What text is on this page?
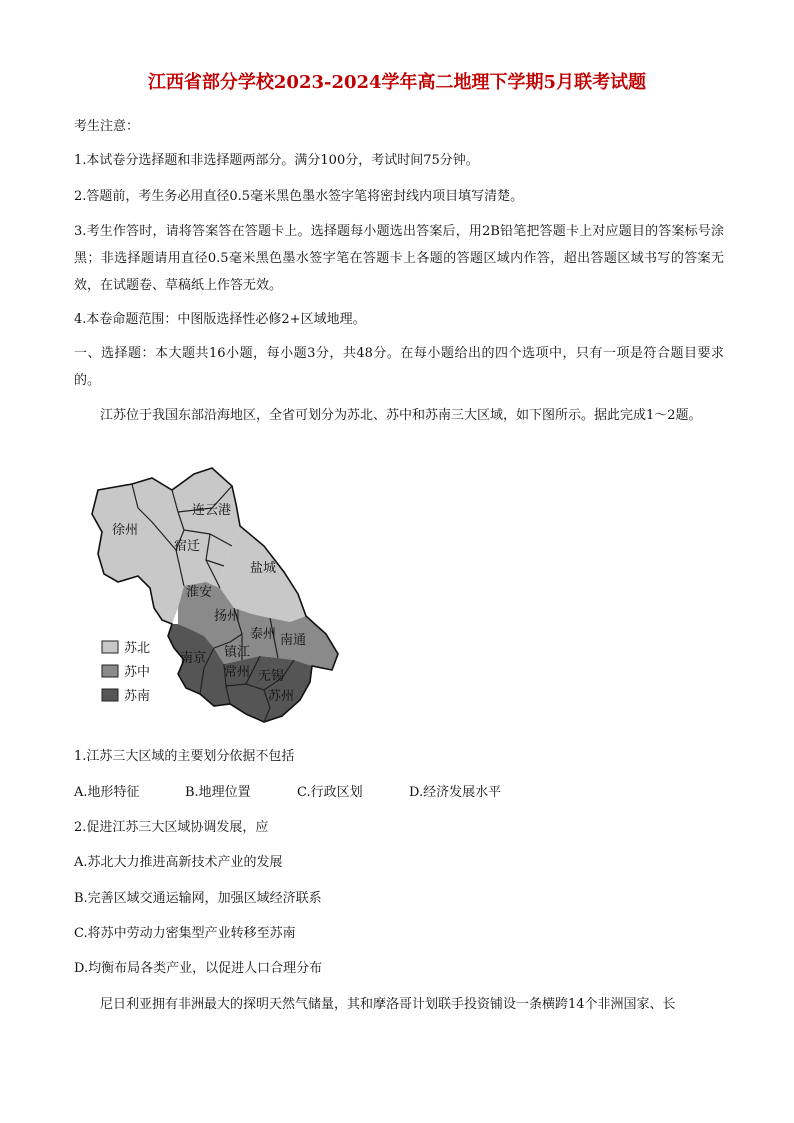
江西省部分学校2023-2024学年高二地理下学期5月联考试题
考生注意：
1.本试卷分选择题和非选择题两部分。满分100分，考试时间75分钟。
2.答题前，考生务必用直径0.5毫米黑色墨水签字笔将密封线内项目填写清楚。
3.考生作答时，请将答案答在答题卡上。选择题每小题选出答案后，用2B铅笔把答题卡上对应题目的答案标号涂黑；非选择题请用直径0.5毫米黑色墨水签字笔在答题卡上各题的答题区域内作答，超出答题区域书写的答案无效，在试题卷、草稿纸上作答无效。
4.本卷命题范围：中图版选择性必修2+区域地理。
一、选择题：本大题共16小题，每小题3分，共48分。在每小题给出的四个选项中，只有一项是符合题目要求的。
江苏位于我国东部沿海地区，全省可划分为苏北、苏中和苏南三大区域，如下图所示。据此完成1～2题。
连云港
徐州
宿迁
盐城
淮安
扬州
泰州 南通
南京 镇江
常州 无锡
苏州
苏北
苏中
苏南
1.江苏三大区域的主要划分依据不包括
A.地形特征	B.地理位置	C.行政区划	D.经济发展水平
2.促进江苏三大区域协调发展，应
A.苏北大力推进高新技术产业的发展
B.完善区域交通运输网，加强区域经济联系
C.将苏中劳动力密集型产业转移至苏南
D.均衡布局各类产业，以促进人口合理分布
尼日利亚拥有非洲最大的探明天然气储量，其和摩洛哥计划联手投资铺设一条横跨14个非洲国家、长
